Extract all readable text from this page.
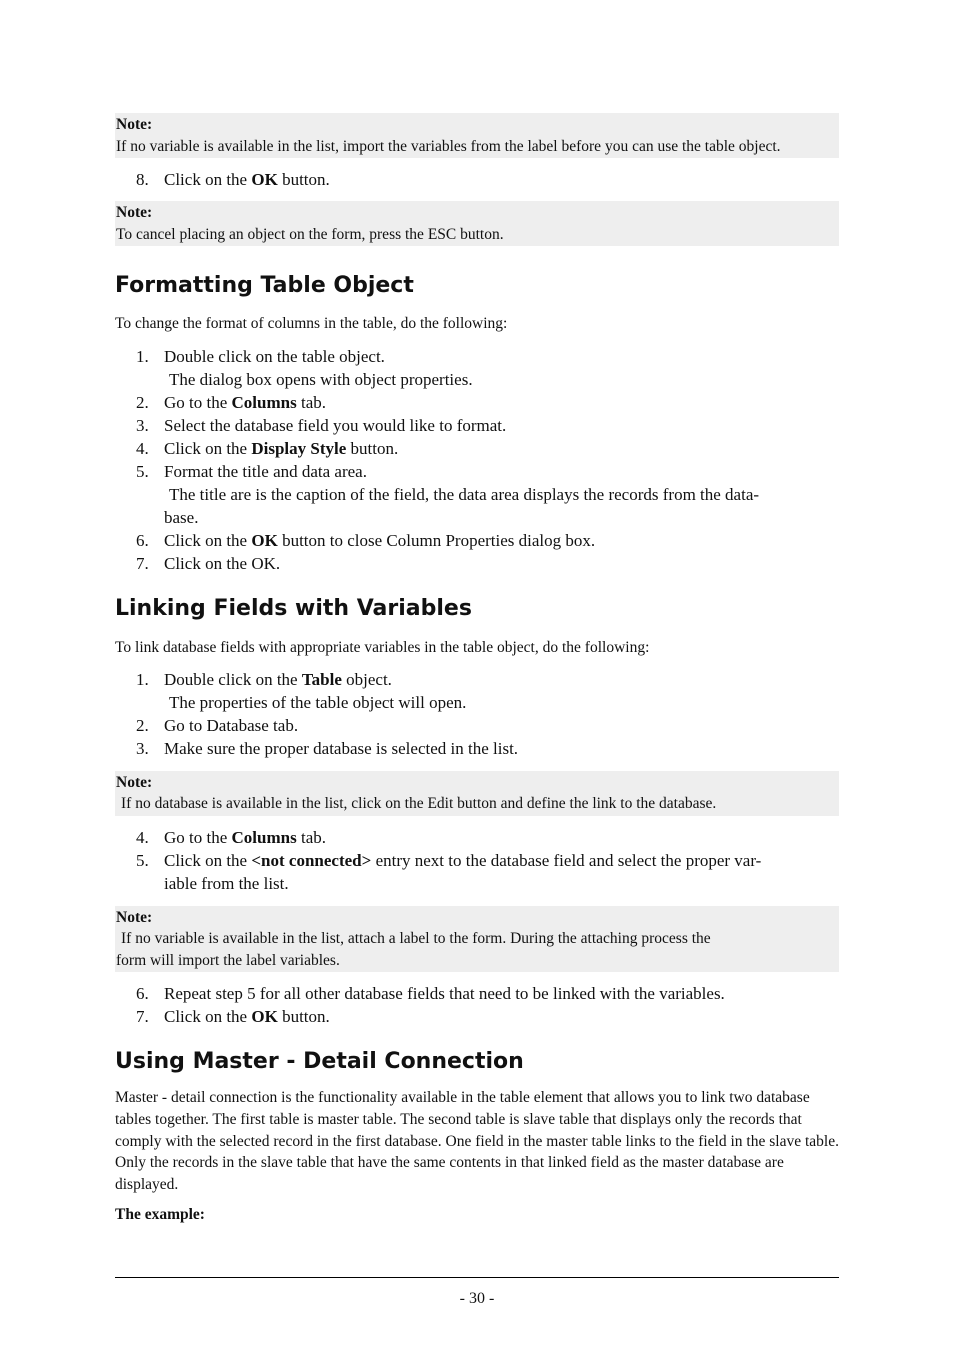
Note:
If no variable is available in the list, import the variables from the label before you can use the table object.
8. Click on the OK button.
Note:
To cancel placing an object on the form, press the ESC button.
Formatting Table Object

To change the format of columns in the table, do the following:

1. Double click on the table object.
The dialog box opens with object properties.
2. Go to the Columns tab.
3. Select the database field you would like to format.
4. Click on the Display Style button.
5. Format the title and data area.
The title are is the caption of the field, the data area displays the records from the data-
base.
6. Click on the OK button to close Column Properties dialog box.
7. Click on the OK.
Linking Fields with Variables

To link database fields with appropriate variables in the table object, do the following:

1. Double click on the Table object.
The properties of the table object will open.
2. Go to Database tab.
3. Make sure the proper database is selected in the list.
Note:
If no database is available in the list, click on the Edit button and define the link to the database.
4. Go to the Columns tab.
5. Click on the <not connected> entry next to the database field and select the proper var-
iable from the list.
Note:
If no variable is available in the list, attach a label to the form. During the attaching process the
form will import the label variables.
6. Repeat step 5 for all other database fields that need to be linked with the variables.
7. Click on the OK button.
Using Master - Detail Connection

Master - detail connection is the functionality available in the table element that allows you to link two database tables together. The first table is master table. The second table is slave table that displays only the records that comply with the selected record in the first database. One field in the master table links to the field in the slave table. Only the records in the slave table that have the same contents in that linked field as the master database are displayed.

The example:

- 30 -
